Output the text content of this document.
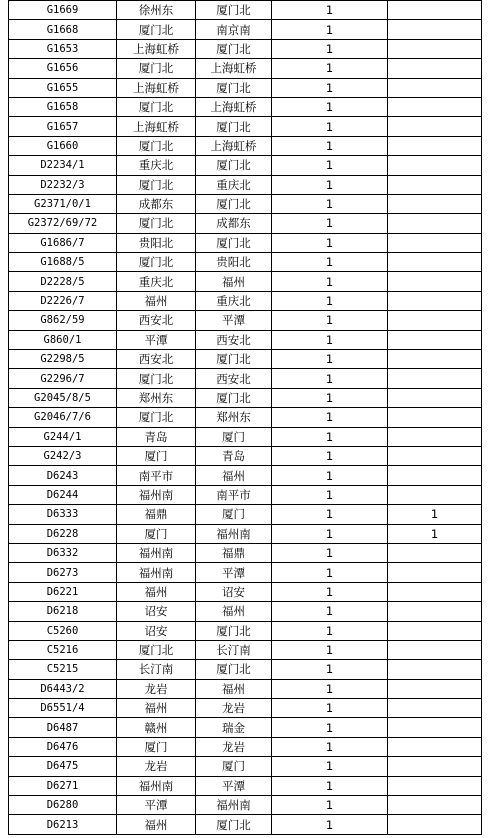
G1669	徐州东	厦门北	1	
G1668	厦门北	南京南	1	
G1653	上海虹桥	厦门北	1	
G1656	厦门北	上海虹桥	1	
G1655	上海虹桥	厦门北	1	
G1658	厦门北	上海虹桥	1	
G1657	上海虹桥	厦门北	1	
G1660	厦门北	上海虹桥	1	
D2234/1	重庆北	厦门北	1	
D2232/3	厦门北	重庆北	1	
G2371/0/1	成都东	厦门北	1	
G2372/69/72	厦门北	成都东	1	
G1686/7	贵阳北	厦门北	1	
G1688/5	厦门北	贵阳北	1	
D2228/5	重庆北	福州	1	
D2226/7	福州	重庆北	1	
G862/59	西安北	平潭	1	
G860/1	平潭	西安北	1	
G2298/5	西安北	厦门北	1	
G2296/7	厦门北	西安北	1	
G2045/8/5	郑州东	厦门北	1	
G2046/7/6	厦门北	郑州东	1	
G244/1	青岛	厦门	1	
G242/3	厦门	青岛	1	
D6243	南平市	福州	1	
D6244	福州南	南平市	1	
D6333	福鼎	厦门	1	1
D6228	厦门	福州南	1	1
D6332	福州南	福鼎	1	
D6273	福州南	平潭	1	
D6221	福州	诏安	1	
D6218	诏安	福州	1	
C5260	诏安	厦门北	1	
C5216	厦门北	长汀南	1	
C5215	长汀南	厦门北	1	
D6443/2	龙岩	福州	1	
D6551/4	福州	龙岩	1	
D6487	赣州	瑞金	1	
D6476	厦门	龙岩	1	
D6475	龙岩	厦门	1	
D6271	福州南	平潭	1	
D6280	平潭	福州南	1	
D6213	福州	厦门北	1	
